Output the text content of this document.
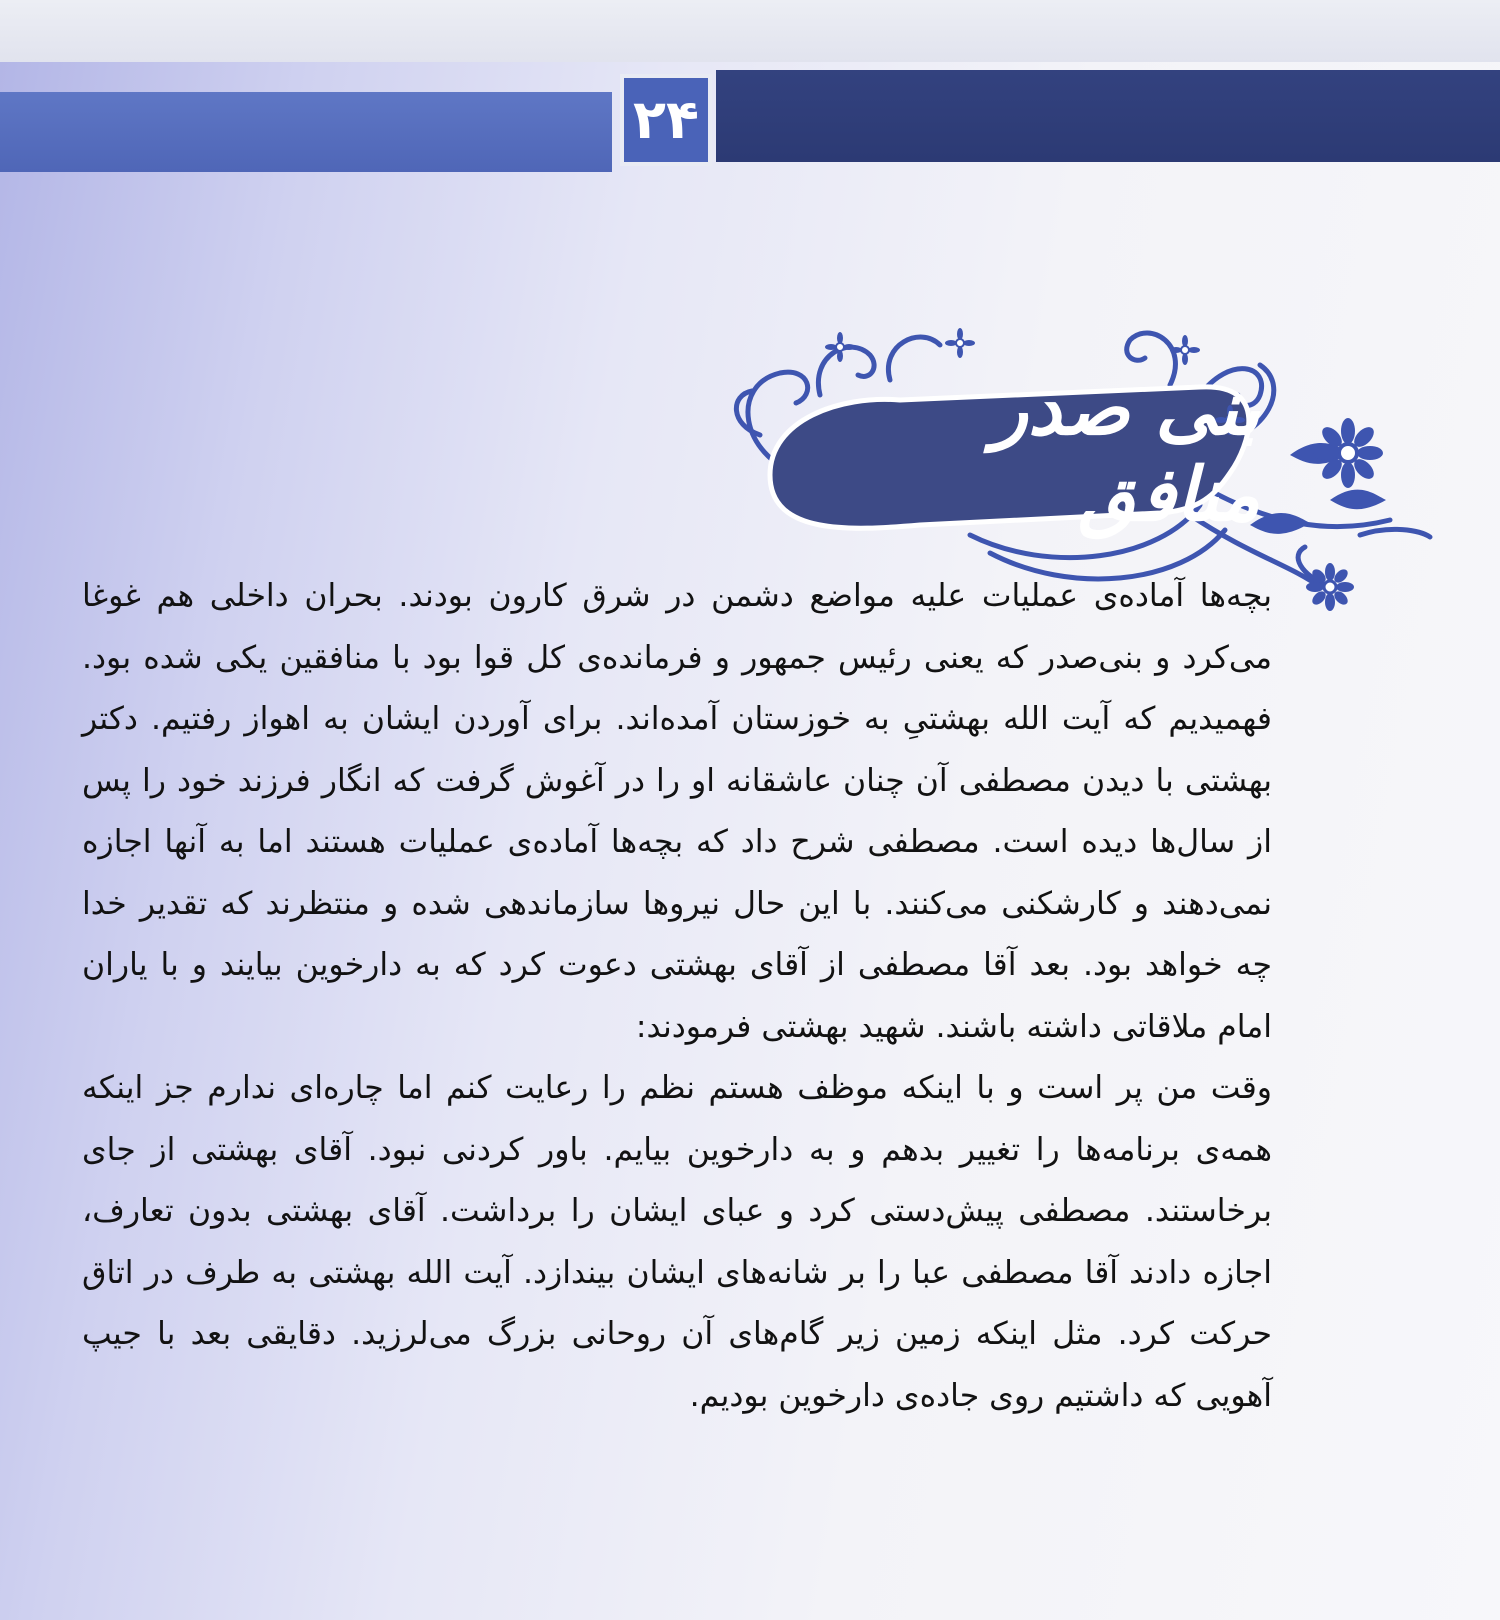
۲۴
بنی صدر منافق

بچه‌ها آماده‌ی عملیات علیه مواضع دشمن در شرق کارون بودند. بحران داخلی هم غوغا می‌کرد و بنی‌صدر که یعنی رئیس جمهور و فرمانده‌ی کل قوا بود با منافقین یکی شده بود. فهمیدیم که آیت الله بهشتیِ به خوزستان آمده‌اند. برای آوردن ایشان به اهواز رفتیم. دکتر بهشتی با دیدن مصطفی آن چنان عاشقانه او را در آغوش گرفت که انگار فرزند خود را پس از سال‌ها دیده است. مصطفی شرح داد که بچه‌ها آماده‌ی عملیات هستند اما به آنها اجازه نمی‌دهند و کارشکنی می‌کنند. با این حال نیروها سازماندهی شده و منتظرند که تقدیر خدا چه خواهد بود. بعد آقا مصطفی از آقای بهشتی دعوت کرد که به دارخوین بیایند و با یاران امام ملاقاتی داشته باشند. شهید بهشتی فرمودند:

وقت من پر است و با اینکه موظف هستم نظم را رعایت کنم اما چاره‌ای ندارم جز اینکه همه‌ی برنامه‌ها را تغییر بدهم و به دارخوین بیایم. باور کردنی نبود. آقای بهشتی از جای برخاستند. مصطفی پیش‌دستی کرد و عبای ایشان را برداشت. آقای بهشتی بدون تعارف، اجازه دادند آقا مصطفی عبا را بر شانه‌های ایشان بیندازد. آیت الله بهشتی به طرف در اتاق حرکت کرد. مثل اینکه زمین زیر گام‌های آن روحانی بزرگ می‌لرزید. دقایقی بعد با جیپ آهویی که داشتیم روی جاده‌ی دارخوین بودیم.
